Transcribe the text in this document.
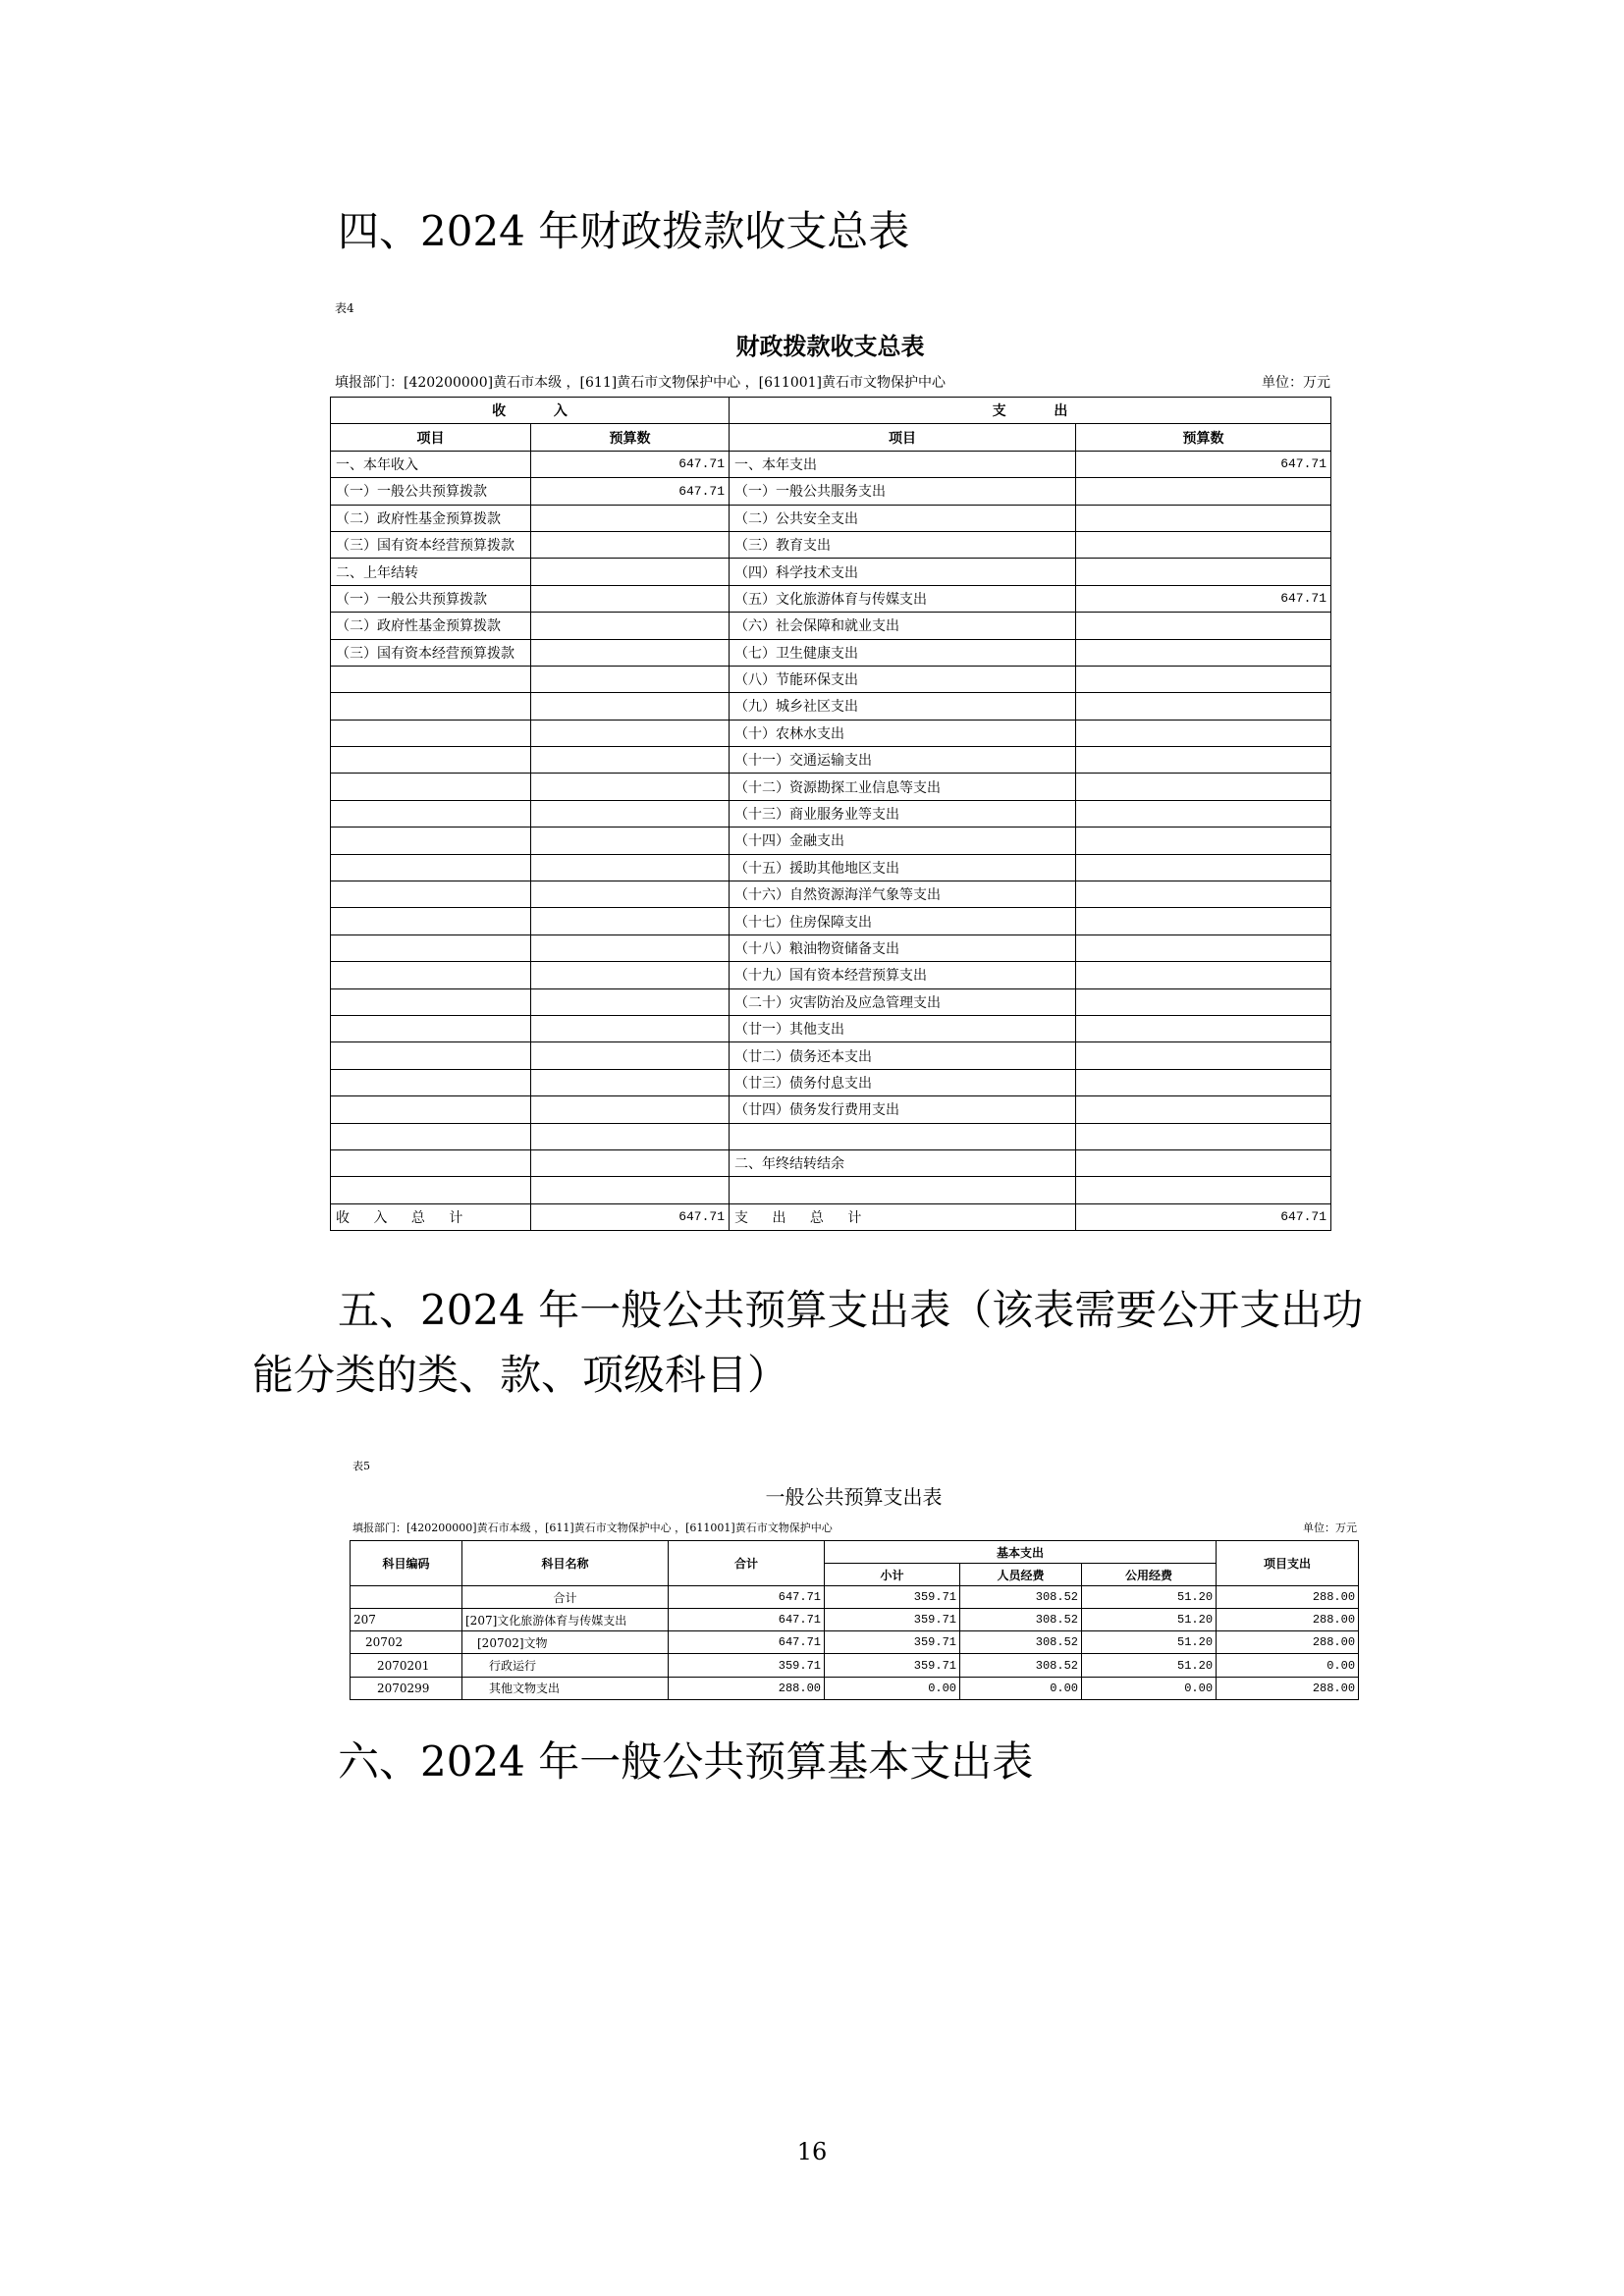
四、2024 年财政拨款收支总表
表4
财政拨款收支总表
填报部门：[420200000]黄石市本级 ，[611]黄石市文物保护中心 ，[611001]黄石市文物保护中心	单位：万元
收 入		支 出	
项目	预算数	项目	预算数
一、本年收入	647.71	一、本年支出	647.71
（一）一般公共预算拨款	647.71	（一）一般公共服务支出	
（二）政府性基金预算拨款		（二）公共安全支出	
（三）国有资本经营预算拨款		（三）教育支出	
二、上年结转		（四）科学技术支出	
（一）一般公共预算拨款		（五）文化旅游体育与传媒支出	647.71
（二）政府性基金预算拨款		（六）社会保障和就业支出	
（三）国有资本经营预算拨款		（七）卫生健康支出	
		（八）节能环保支出	
		（九）城乡社区支出	
		（十）农林水支出	
		（十一）交通运输支出	
		（十二）资源勘探工业信息等支出	
		（十三）商业服务业等支出	
		（十四）金融支出	
		（十五）援助其他地区支出	
		（十六）自然资源海洋气象等支出	
		（十七）住房保障支出	
		（十八）粮油物资储备支出	
		（十九）国有资本经营预算支出	
		（二十）灾害防治及应急管理支出	
		（廿一）其他支出	
		（廿二）债务还本支出	
		（廿三）债务付息支出	
		（廿四）债务发行费用支出	

		二、年终结转结余	

收 入 总 计	647.71	支 出 总 计	647.71
五、2024 年一般公共预算支出表（该表需要公开支出功
能分类的类、款、项级科目）
表5
一般公共预算支出表
填报部门：[420200000]黄石市本级 ，[611]黄石市文物保护中心 ，[611001]黄石市文物保护中心	单位：万元
科目编码	科目名称	合计	基本支出			项目支出
			小计	人员经费	公用经费	
	合计	647.71	359.71	308.52	51.20	288.00
207	[207]文化旅游体育与传媒支出	647.71	359.71	308.52	51.20	288.00
20702	[20702]文物	647.71	359.71	308.52	51.20	288.00
2070201	行政运行	359.71	359.71	308.52	51.20	0.00
2070299	其他文物支出	288.00	0.00	0.00	0.00	288.00
六、2024 年一般公共预算基本支出表
16
